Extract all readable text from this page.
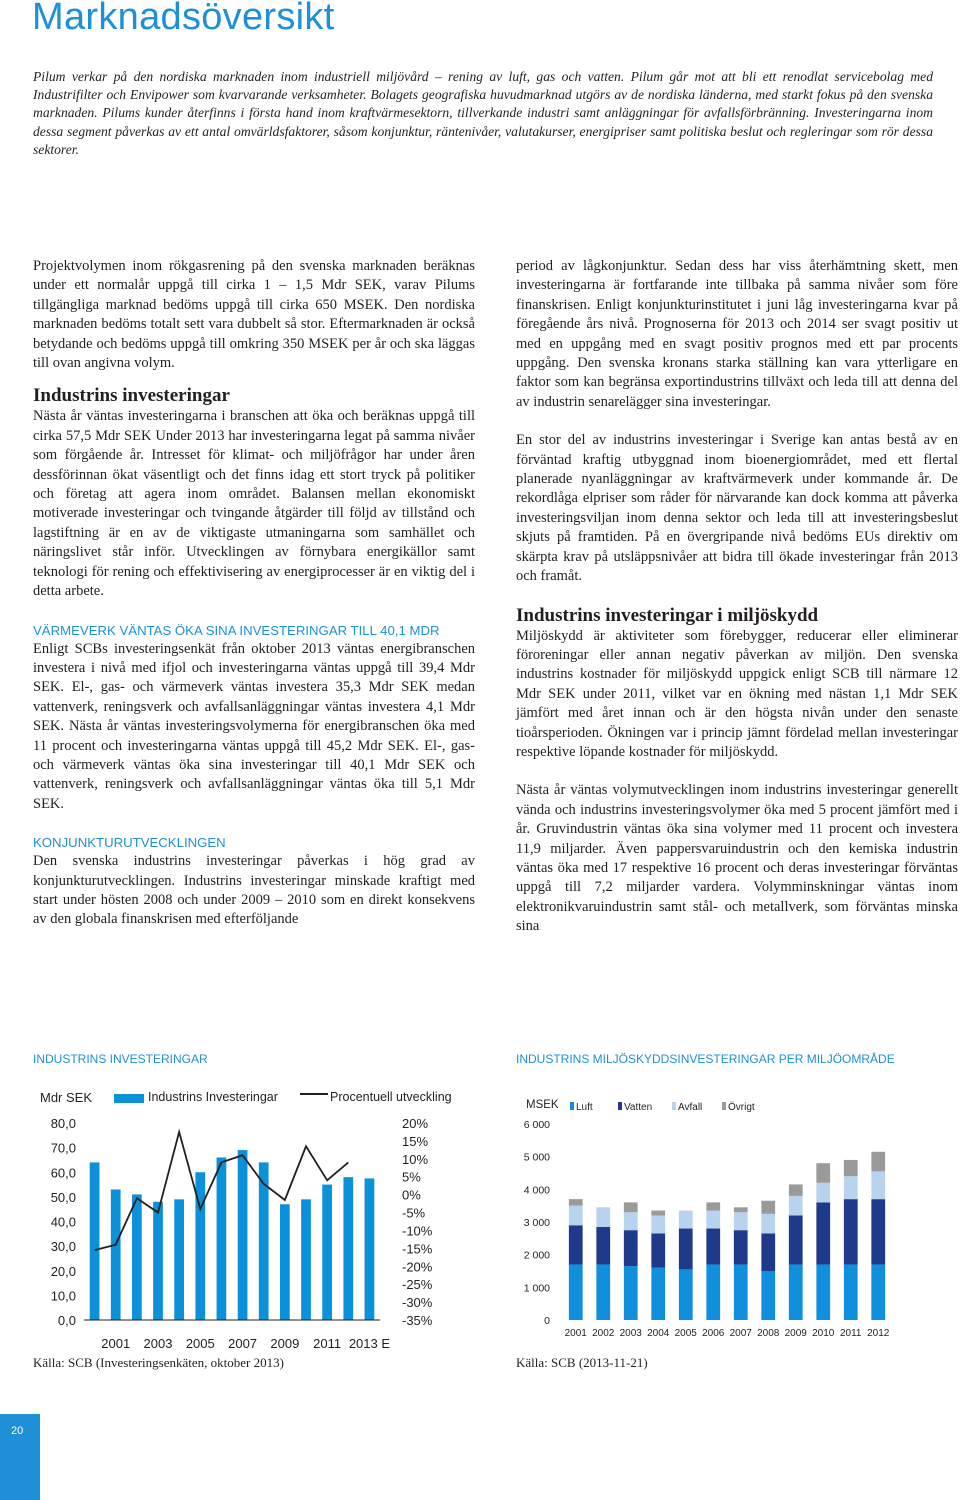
Marknadsöversikt

Pilum verkar på den nordiska marknaden inom industriell miljövård – rening av luft, gas och vatten. Pilum går mot att bli ett renodlat servicebolag med Industrifilter och Envipower som kvarvarande verksamheter. Bolagets geografiska huvudmarknad utgörs av de nordiska länderna, med starkt fokus på den svenska marknaden. Pilums kunder återfinns i första hand inom kraftvärmesektorn, tillverkande industri samt anläggningar för avfallsförbränning. Investeringarna inom dessa segment påverkas av ett antal omvärldsfaktorer, såsom konjunktur, räntenivåer, valutakurser, energipriser samt politiska beslut och regleringar som rör dessa sektorer.

Projektvolymen inom rökgasrening på den svenska marknaden beräknas under ett normalår uppgå till cirka 1 – 1,5 Mdr SEK, varav Pilums tillgängliga marknad bedöms uppgå till cirka 650 MSEK. Den nordiska marknaden bedöms totalt sett vara dubbelt så stor. Eftermarknaden är också betydande och bedöms uppgå till omkring 350 MSEK per år och ska läggas till ovan angivna volym.

Industrins investeringar

Nästa år väntas investeringarna i branschen att öka och beräknas uppgå till cirka 57,5 Mdr SEK Under 2013 har investeringarna legat på samma nivåer som förgående år. Intresset för klimat- och miljöfrågor har under åren dessförinnan ökat väsentligt och det finns idag ett stort tryck på politiker och företag att agera inom området. Balansen mellan ekonomiskt motiverade investeringar och tvingande åtgärder till följd av tillstånd och lagstiftning är en av de viktigaste utmaningarna som samhället och näringslivet står inför. Utvecklingen av förnybara energikällor samt teknologi för rening och effektivisering av energiprocesser är en viktig del i detta arbete.

VÄRMEVERK VÄNTAS ÖKA SINA INVESTERINGAR TILL 40,1 MDR

Enligt SCBs investeringsenkät från oktober 2013 väntas energibranschen investera i nivå med ifjol och investeringarna väntas uppgå till 39,4 Mdr SEK. El-, gas- och värmeverk väntas investera 35,3 Mdr SEK medan vattenverk, reningsverk och avfallsanläggningar väntas investera 4,1 Mdr SEK. Nästa år väntas investeringsvolymerna för energibranschen öka med 11 procent och investeringarna väntas uppgå till 45,2 Mdr SEK. El-, gas- och värmeverk väntas öka sina investeringar till 40,1 Mdr SEK och vattenverk, reningsverk och avfallsanläggningar väntas öka till 5,1 Mdr SEK.

KONJUNKTURUTVECKLINGEN

Den svenska industrins investeringar påverkas i hög grad av konjunkturutvecklingen. Industrins investeringar minskade kraftigt med start under hösten 2008 och under 2009 – 2010 som en direkt konsekvens av den globala finanskrisen med efterföljande

period av lågkonjunktur. Sedan dess har viss återhämtning skett, men investeringarna är fortfarande inte tillbaka på samma nivåer som före finanskrisen. Enligt konjunkturinstitutet i juni låg investeringarna kvar på föregående års nivå. Prognoserna för 2013 och 2014 ser svagt positiv ut med en uppgång med en svagt positiv prognos med ett par procents uppgång. Den svenska kronans starka ställning kan vara ytterligare en faktor som kan begränsa exportindustrins tillväxt och leda till att denna del av industrin senarelägger sina investeringar.

En stor del av industrins investeringar i Sverige kan antas bestå av en förväntad kraftig utbyggnad inom bioenergiområdet, med ett flertal planerade nyanläggningar av kraftvärmeverk under kommande år. De rekordlåga elpriser som råder för närvarande kan dock komma att påverka investeringsviljan inom denna sektor och leda till att investeringsbeslut skjuts på framtiden. På en övergripande nivå bedöms EUs direktiv om skärpta krav på utsläppsnivåer att bidra till ökade investeringar från 2013 och framåt.

Industrins investeringar i miljöskydd

Miljöskydd är aktiviteter som förebygger, reducerar eller eliminerar föroreningar eller annan negativ påverkan av miljön. Den svenska industrins kostnader för miljöskydd uppgick enligt SCB till närmare 12 Mdr SEK under 2011, vilket var en ökning med nästan 1,1 Mdr SEK jämfört med året innan och är den högsta nivån under den senaste tioårsperioden. Ökningen var i princip jämnt fördelad mellan investeringar respektive löpande kostnader för miljöskydd.

Nästa år väntas volymutvecklingen inom industrins investeringar generellt vända och industrins investeringsvolymer öka med 5 procent jämfört med i år. Gruvindustrin väntas öka sina volymer med 11 procent och investera 11,9 miljarder. Även pappersvaruindustrin och den kemiska industrin väntas öka med 17 respektive 16 procent och deras investeringar förväntas uppgå till 7,2 miljarder vardera. Volymminskningar väntas inom elektronikvaruindustrin samt stål- och metallverk, som förväntas minska sina

INDUSTRINS INVESTERINGAR
Mdr SEK	Industrins Investeringar	Procentuell utveckling
80,0
70,0
60,0
50,0
40,0
30,0
20,0
10,0
0,0
20%
15%
10%
5%
0%
-5%
-10%
-15%
-20%
-25%
-30%
-35%
2001 2003 2005 2007 2009 2011 2013 E
Källa: SCB (Investeringsenkäten, oktober 2013)
INDUSTRINS MILJÖSKYDDSINVESTERINGAR PER MILJÖOMRÅDE
MSEK Luft	Vatten	Avfall	Övrigt
6 000
5 000
4 000
3 000
2 000
1 000
0
2001 2002 2003 2004 2005 2006 2007 2008 2009 2010 2011 2012
Källa: SCB (2013-11-21)
20
